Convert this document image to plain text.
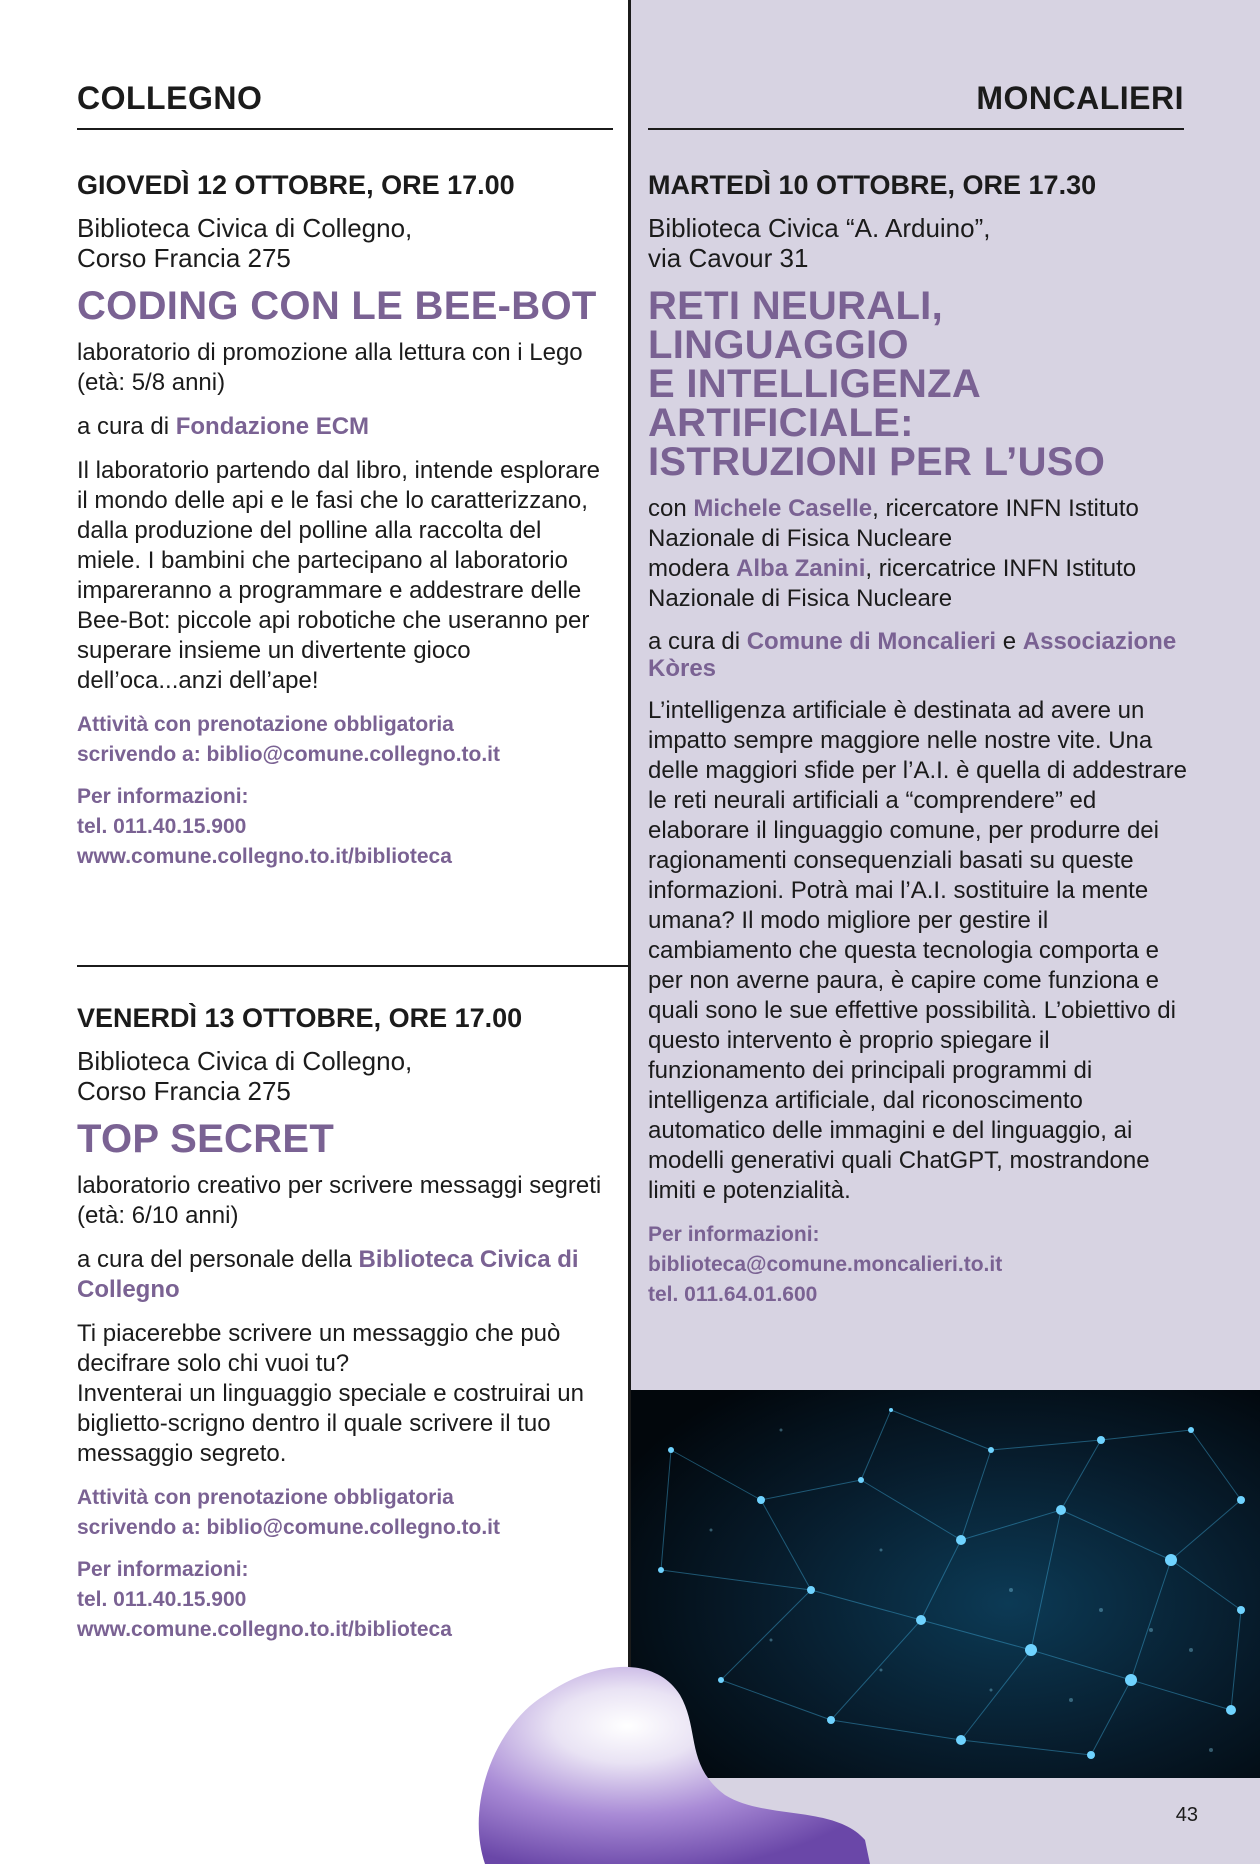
COLLEGNO
GIOVEDÌ 12 OTTOBRE, ORE 17.00
Biblioteca Civica di Collegno,
Corso Francia 275
CODING CON LE BEE-BOT
laboratorio di promozione alla lettura con i Lego (età: 5/8 anni)
a cura di Fondazione ECM
Il laboratorio partendo dal libro, intende esplorare il mondo delle api e le fasi che lo caratterizzano, dalla produzione del polline alla raccolta del miele. I bambini che partecipano al laboratorio impareranno a programmare e addestrare delle Bee-Bot: piccole api robotiche che useranno per superare insieme un divertente gioco dell’oca...anzi dell’ape!
Attività con prenotazione obbligatoria
scrivendo a: biblio@comune.collegno.to.it
Per informazioni:
tel. 011.40.15.900
www.comune.collegno.to.it/biblioteca
VENERDÌ 13 OTTOBRE, ORE 17.00
Biblioteca Civica di Collegno,
Corso Francia 275
TOP SECRET
laboratorio creativo per scrivere messaggi segreti (età: 6/10 anni)
a cura del personale della Biblioteca Civica di Collegno
Ti piacerebbe scrivere un messaggio che può decifrare solo chi vuoi tu?
Inventerai un linguaggio speciale e costruirai un biglietto-scrigno dentro il quale scrivere il tuo messaggio segreto.
Attività con prenotazione obbligatoria
scrivendo a: biblio@comune.collegno.to.it
Per informazioni:
tel. 011.40.15.900
www.comune.collegno.to.it/biblioteca
MONCALIERI
MARTEDÌ 10 OTTOBRE, ORE 17.30
Biblioteca Civica “A. Arduino”,
via Cavour 31
RETI NEURALI,
LINGUAGGIO
E INTELLIGENZA
ARTIFICIALE:
ISTRUZIONI PER L’USO
con Michele Caselle, ricercatore INFN Istituto Nazionale di Fisica Nucleare
modera Alba Zanini, ricercatrice INFN Istituto Nazionale di Fisica Nucleare
a cura di Comune di Moncalieri e Associazione Kòres
L’intelligenza artificiale è destinata ad avere un impatto sempre maggiore nelle nostre vite. Una delle maggiori sfide per l’A.I. è quella di addestrare le reti neurali artificiali a “comprendere” ed elaborare il linguaggio comune, per produrre dei ragionamenti consequenziali basati su queste informazioni. Potrà mai l’A.I. sostituire la mente umana? Il modo migliore per gestire il cambiamento che questa tecnologia comporta e per non averne paura, è capire come funziona e quali sono le sue effettive possibilità. L’obiettivo di questo intervento è proprio spiegare il funzionamento dei principali programmi di intelligenza artificiale, dal riconoscimento automatico delle immagini e del linguaggio, ai modelli generativi quali ChatGPT, mostrandone limiti e potenzialità.
Per informazioni:
biblioteca@comune.moncalieri.to.it
tel. 011.64.01.600
43
